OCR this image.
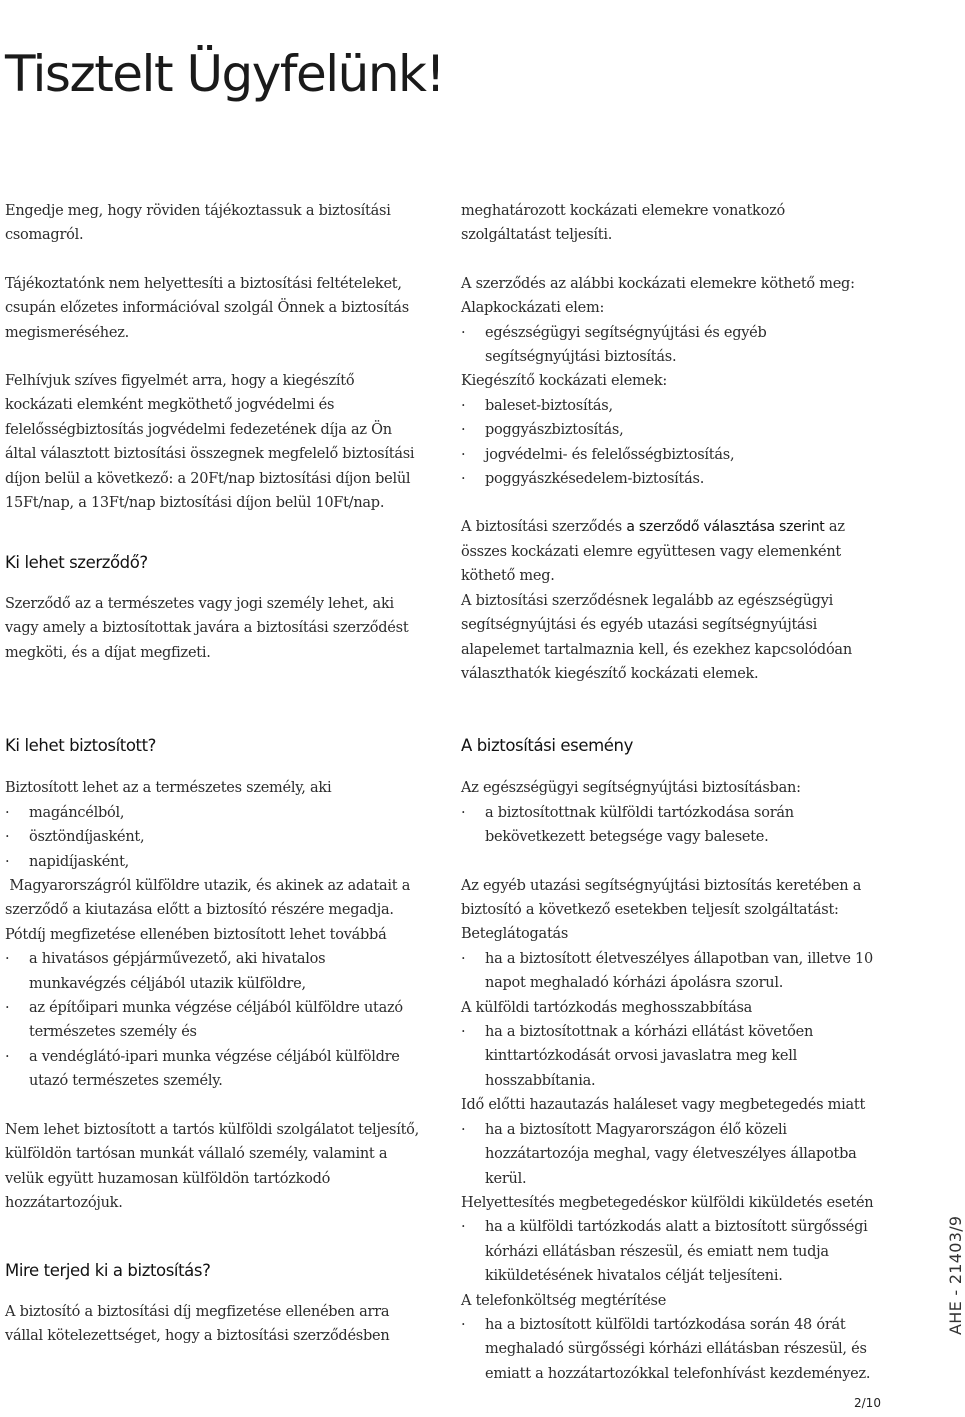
Tisztelt Ügyfelünk!

Engedje meg, hogy röviden tájékoztassuk a biztosítási csomagról.

Tájékoztatónk nem helyettesíti a biztosítási feltételeket, csupán előzetes információval szolgál Önnek a biztosítás megismeréséhez.

Felhívjuk szíves figyelmét arra, hogy a kiegészítő kockázati elemként megköthető jogvédelmi és felelősségbiztosítás jogvédelmi fedezetének díja az Ön által választott biztosítási összegnek megfelelő biztosítási díjon belül a következő: a 20Ft/nap biztosítási díjon belül 15Ft/nap, a 13Ft/nap biztosítási díjon belül 10Ft/nap.

Ki lehet szerződő?

Szerződő az a természetes vagy jogi személy lehet, aki vagy amely a biztosítottak javára a biztosítási szerződést megköti, és a díjat megfizeti.

meghatározott kockázati elemekre vonatkozó szolgáltatást teljesíti.

A szerződés az alábbi kockázati elemekre köthető meg:

Alapkockázati elem:

· egészségügyi segítségnyújtási és egyéb segítségnyújtási biztosítás.

Kiegészítő kockázati elemek:

· baleset-biztosítás,
· poggyászbiztosítás,
· jogvédelmi- és felelősségbiztosítás,
· poggyászkésedelem-biztosítás.

A biztosítási szerződés a szerződő választása szerint az összes kockázati elemre együttesen vagy elemenként köthető meg.

A biztosítási szerződésnek legalább az egészségügyi segítségnyújtási és egyéb utazási segítségnyújtási alapelemet tartalmaznia kell, és ezekhez kapcsolódóan választhatók kiegészítő kockázati elemek.

Ki lehet biztosított?

Biztosított lehet az a természetes személy, aki

· magáncélból,
· ösztöndíjasként,
· napidíjasként,

Magyarországról külföldre utazik, és akinek az adatait a szerződő a kiutazása előtt a biztosító részére megadja.

Pótdíj megfizetése ellenében biztosított lehet továbbá

· a hivatásos gépjárművezető, aki hivatalos munkavégzés céljából utazik külföldre,
· az építőipari munka végzése céljából külföldre utazó természetes személy és
· a vendéglátó-ipari munka végzése céljából külföldre utazó természetes személy.

Nem lehet biztosított a tartós külföldi szolgálatot teljesítő, külföldön tartósan munkát vállaló személy, valamint a velük együtt huzamosan külföldön tartózkodó hozzátartozójuk.

Mire terjed ki a biztosítás?

A biztosító a biztosítási díj megfizetése ellenében arra vállal kötelezettséget, hogy a biztosítási szerződésben

A biztosítási esemény

Az egészségügyi segítségnyújtási biztosításban:

· a biztosítottnak külföldi tartózkodása során bekövetkezett betegsége vagy balesete.

Az egyéb utazási segítségnyújtási biztosítás keretében a biztosító a következő esetekben teljesít szolgáltatást:

Beteglátogatás

· ha a biztosított életveszélyes állapotban van, illetve 10 napot meghaladó kórházi ápolásra szorul.

A külföldi tartózkodás meghosszabbítása

· ha a biztosítottnak a kórházi ellátást követően kinttartózkodását orvosi javaslatra meg kell hosszabbítania.

Idő előtti hazautazás haláleset vagy megbetegedés miatt

· ha a biztosított Magyarországon élő közeli hozzátartozója meghal, vagy életveszélyes állapotba kerül.

Helyettesítés megbetegedéskor külföldi kiküldetés esetén

· ha a külföldi tartózkodás alatt a biztosított sürgősségi kórházi ellátásban részesül, és emiatt nem tudja kiküldetésének hivatalos célját teljesíteni.

A telefonköltség megtérítése

· ha a biztosított külföldi tartózkodása során 48 órát meghaladó sürgősségi kórházi ellátásban részesül, és emiatt a hozzátartozókkal telefonhívást kezdeményez.
AHE - 21403/9
2/10
